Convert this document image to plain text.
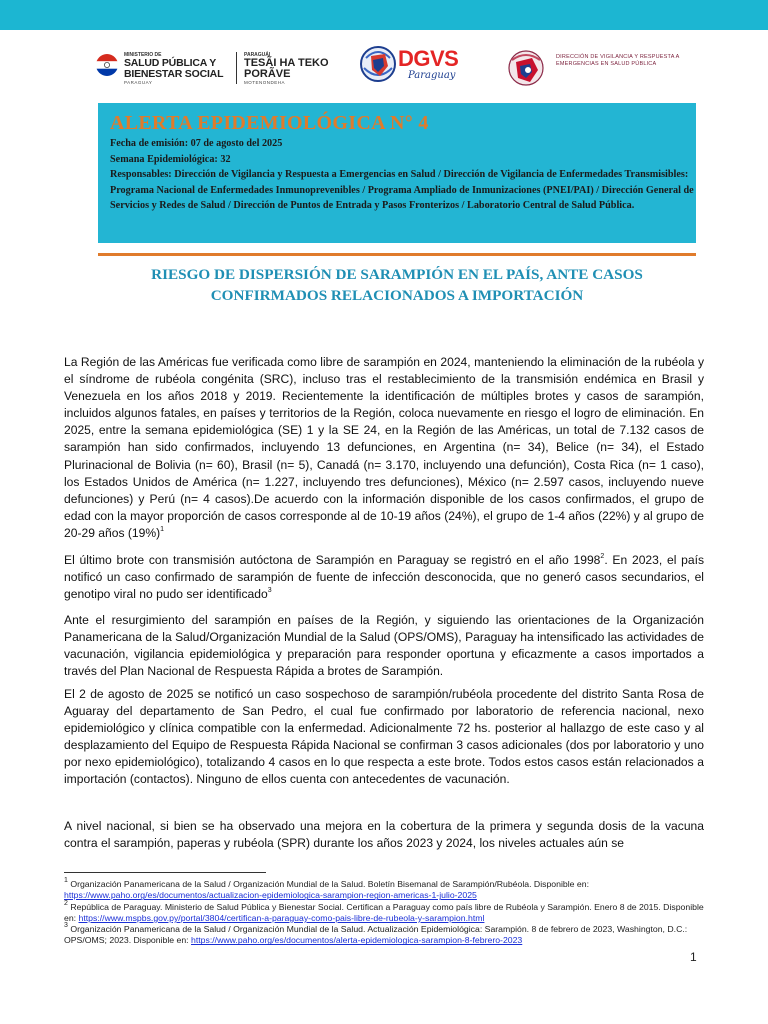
MINISTERIO DE
SALUD PÚBLICA Y
BIENESTAR SOCIAL
PARAGUAY
PARAGUÁI
TESÃI HA TEKO
PORÃVE
MOTENONDEHA
DGVS
Paraguay
DIRECCIÓN DE VIGILANCIA Y RESPUESTA A EMERGENCIAS EN SALUD PÚBLICA
ALERTA EPIDEMIOLÓGICA N° 4
Fecha de emisión: 07 de agosto del 2025
Semana Epidemiológica: 32
Responsables: Dirección de Vigilancia y Respuesta a Emergencias en Salud / Dirección de Vigilancia de Enfermedades Transmisibles: Programa Nacional de Enfermedades Inmunoprevenibles / Programa Ampliado de Inmunizaciones (PNEI/PAI) / Dirección General de Servicios y Redes de Salud / Dirección de Puntos de Entrada y Pasos Fronterizos / Laboratorio Central de Salud Pública.
RIESGO DE DISPERSIÓN DE SARAMPIÓN EN EL PAÍS, ANTE CASOS
CONFIRMADOS RELACIONADOS A IMPORTACIÓN

La Región de las Américas fue verificada como libre de sarampión en 2024, manteniendo la eliminación de la rubéola y el síndrome de rubéola congénita (SRC), incluso tras el restablecimiento de la transmisión endémica en Brasil y Venezuela en los años 2018 y 2019. Recientemente la identificación de múltiples brotes y casos de sarampión, incluidos algunos fatales, en países y territorios de la Región, coloca nuevamente en riesgo el logro de eliminación. En 2025, entre la semana epidemiológica (SE) 1 y la SE 24, en la Región de las Américas, un total de 7.132 casos de sarampión han sido confirmados, incluyendo 13 defunciones, en Argentina (n= 34), Belice (n= 34), el Estado Plurinacional de Bolivia (n= 60), Brasil (n= 5), Canadá (n= 3.170, incluyendo una defunción), Costa Rica (n= 1 caso), los Estados Unidos de América (n= 1.227, incluyendo tres defunciones), México (n= 2.597 casos, incluyendo nueve defunciones) y Perú (n= 4 casos).De acuerdo con la información disponible de los casos confirmados, el grupo de edad con la mayor proporción de casos corresponde al de 10-19 años (24%), el grupo de 1-4 años (22%) y al grupo de 20-29 años $(19\%)^1$

El último brote con transmisión autóctona de Sarampión en Paraguay se registró en el año 1998$^2$. En 2023, el país notificó un caso confirmado de sarampión de fuente de infección desconocida, que no generó casos secundarios, el genotipo viral no pudo ser identificado$^3$

Ante el resurgimiento del sarampión en países de la Región, y siguiendo las orientaciones de la Organización Panamericana de la Salud/Organización Mundial de la Salud (OPS/OMS), Paraguay ha intensificado las actividades de vacunación, vigilancia epidemiológica y preparación para responder oportuna y eficazmente a casos importados a través del Plan Nacional de Respuesta Rápida a brotes de Sarampión.

El 2 de agosto de 2025 se notificó un caso sospechoso de sarampión/rubéola procedente del distrito Santa Rosa de Aguaray del departamento de San Pedro, el cual fue confirmado por laboratorio de referencia nacional, nexo epidemiológico y clínica compatible con la enfermedad. Adicionalmente 72 hs. posterior al hallazgo de este caso y al desplazamiento del Equipo de Respuesta Rápida Nacional se confirman 3 casos adicionales (dos por laboratorio y uno por nexo epidemiológico), totalizando 4 casos en lo que respecta a este brote. Todos estos casos están relacionados a importación (contactos). Ninguno de ellos cuenta con antecedentes de vacunación.

A nivel nacional, si bien se ha observado una mejora en la cobertura de la primera y segunda dosis de la vacuna contra el sarampión, paperas y rubéola (SPR) durante los años 2023 y 2024, los niveles actuales aún se

$^1$ Organización Panamericana de la Salud / Organización Mundial de la Salud. Boletín Bisemanal de Sarampión/Rubéola. Disponible en:
https://www.paho.org/es/documentos/actualizacion-epidemiologica-sarampion-region-americas-1-julio-2025

$^2$ República de Paraguay. Ministerio de Salud Pública y Bienestar Social. Certifican a Paraguay como país libre de Rubéola y Sarampión. Enero 8 de 2015. Disponible en: https://www.mspbs.gov.py/portal/3804/certifican-a-paraguay-como-pais-libre-de-rubeola-y-sarampion.html

$^3$ Organización Panamericana de la Salud / Organización Mundial de la Salud. Actualización Epidemiológica: Sarampión. 8 de febrero de 2023, Washington, D.C.: OPS/OMS; 2023. Disponible en: https://www.paho.org/es/documentos/alerta-epidemiologica-sarampion-8-febrero-2023

1
